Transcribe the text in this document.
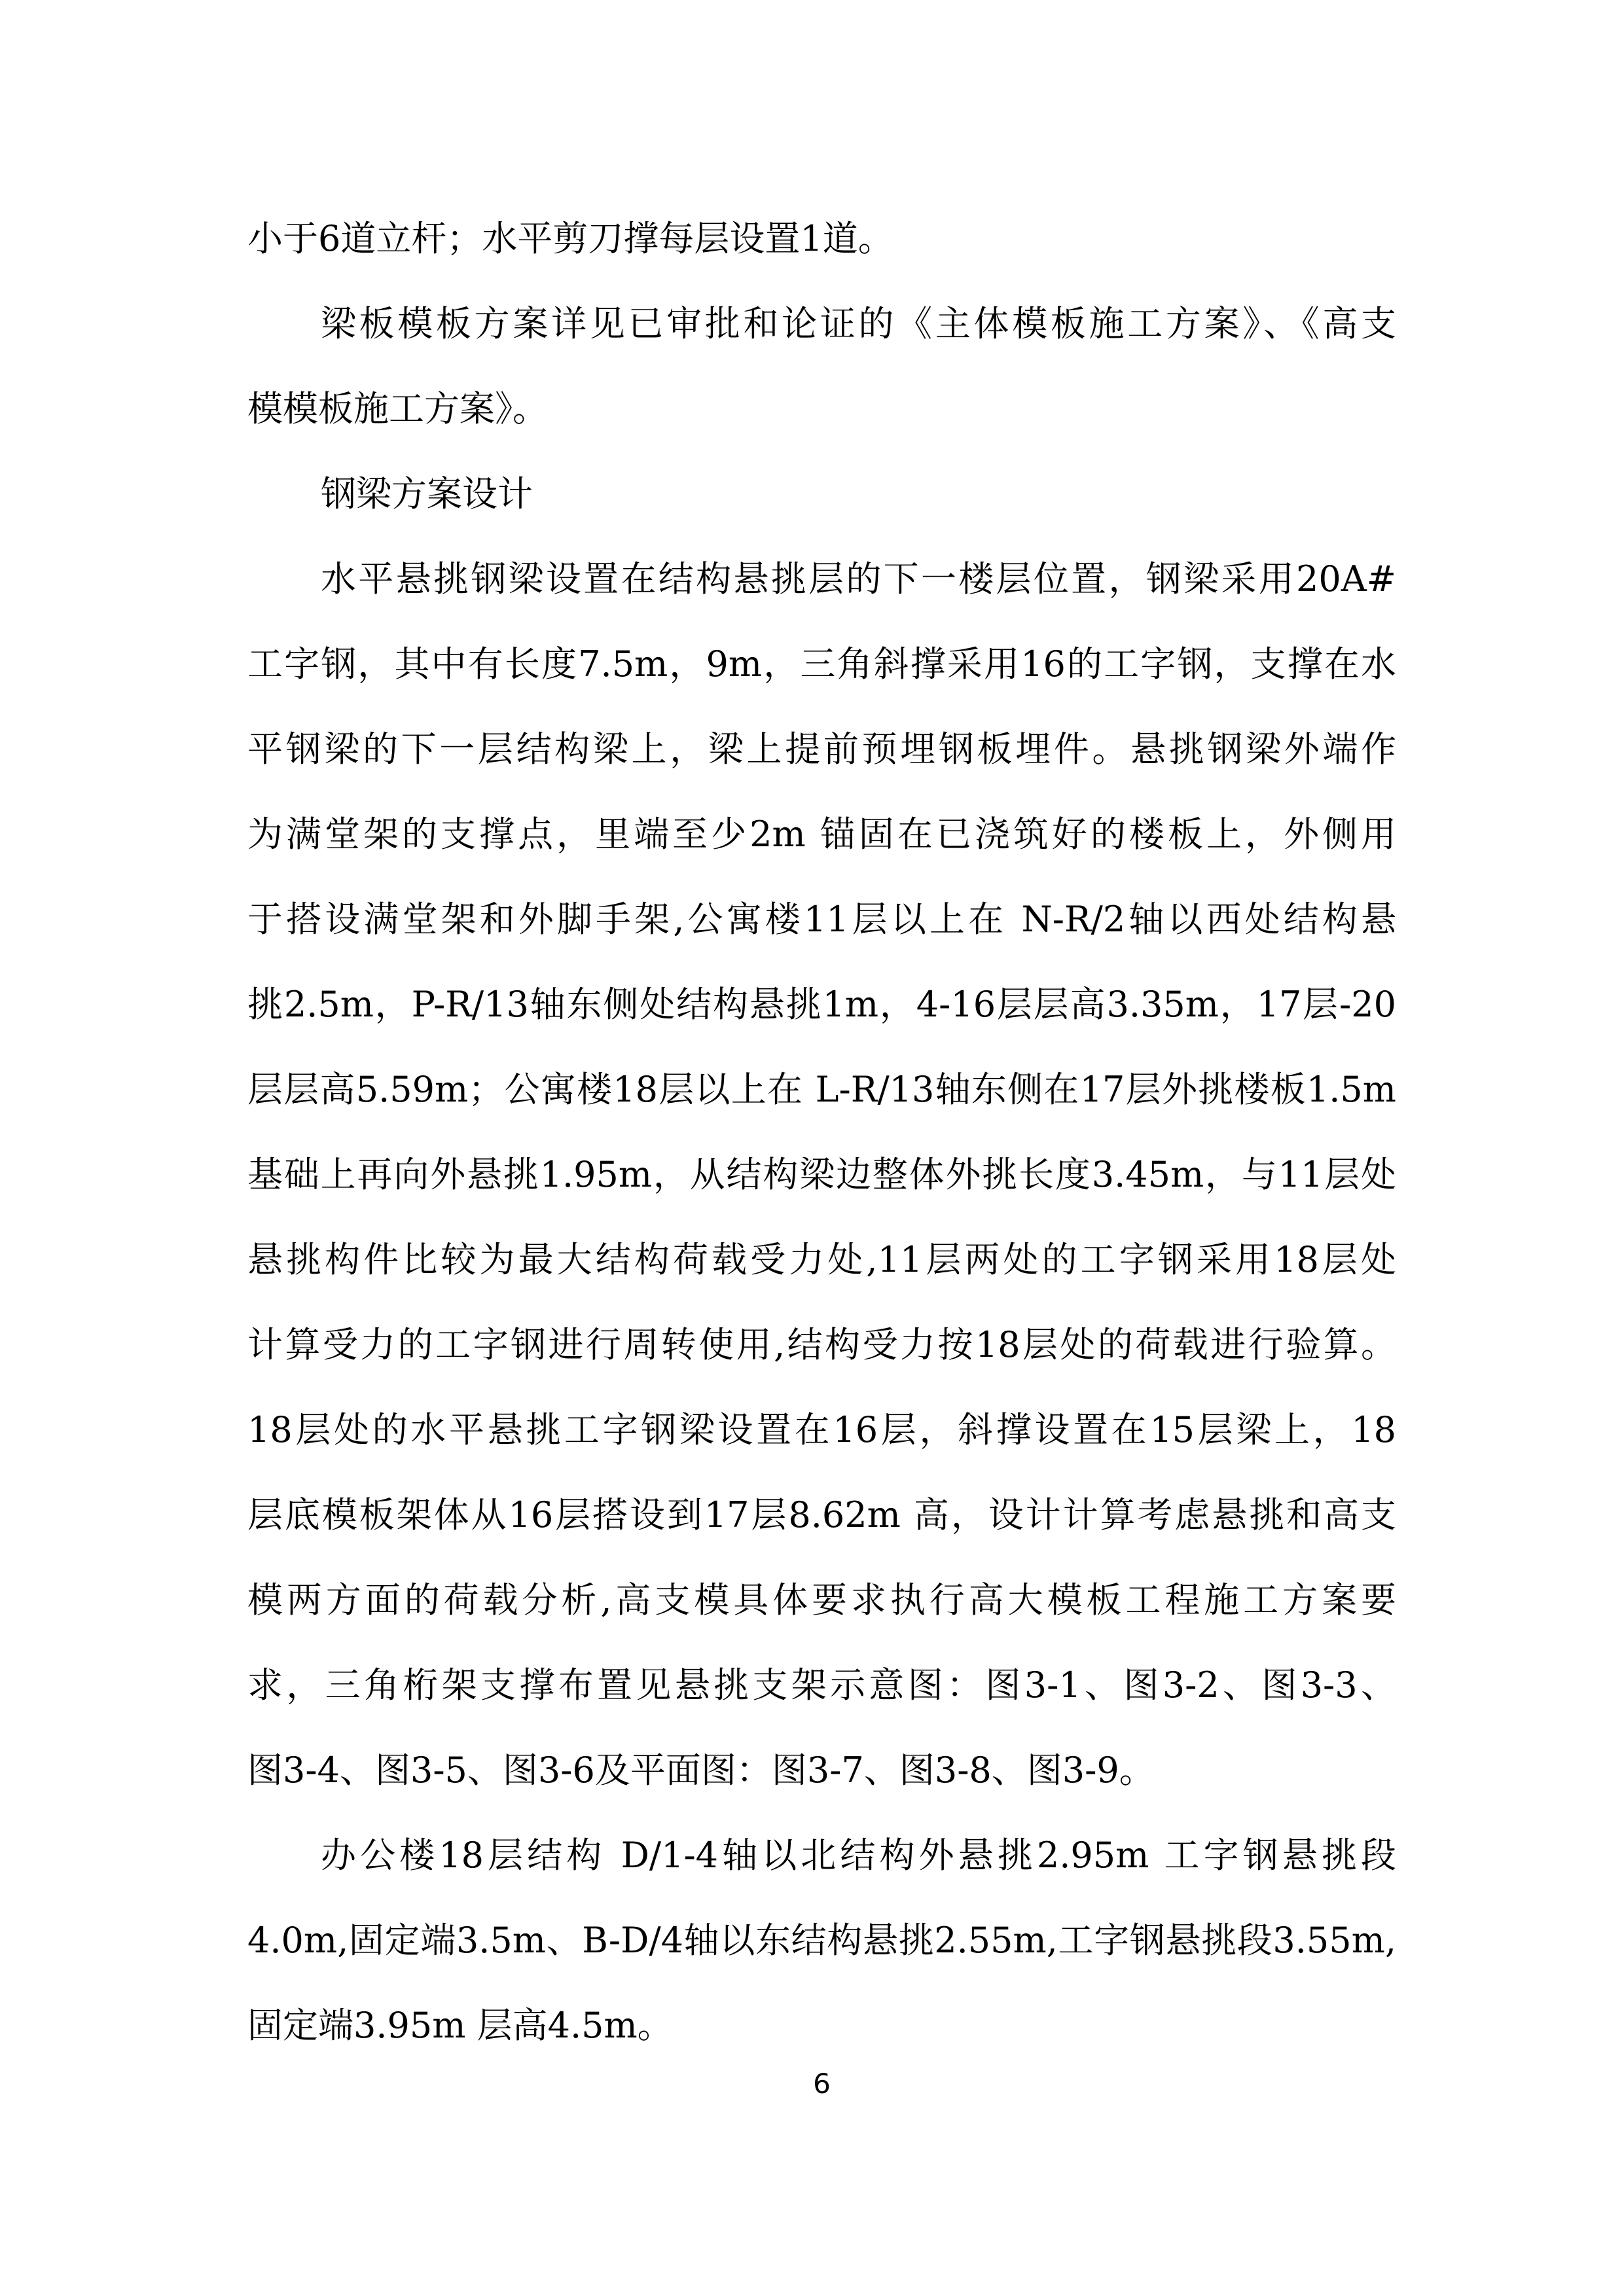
小于6道立杆；水平剪刀撑每层设置1道。
梁板模板方案详见已审批和论证的《主体模板施工方案》、《高支
模模板施工方案》。
钢梁方案设计
水平悬挑钢梁设置在结构悬挑层的下一楼层位置，钢梁采用20A#
工字钢，其中有长度7.5m，9m，三角斜撑采用16的工字钢，支撑在水
平钢梁的下一层结构梁上，梁上提前预埋钢板埋件。悬挑钢梁外端作
为满堂架的支撑点，里端至少2m 锚固在已浇筑好的楼板上，外侧用
于搭设满堂架和外脚手架,公寓楼11层以上在 N-R/2轴以西处结构悬
挑2.5m，P-R/13轴东侧处结构悬挑1m，4-16层层高3.35m，17层-20
层层高5.59m；公寓楼18层以上在 L-R/13轴东侧在17层外挑楼板1.5m
基础上再向外悬挑1.95m，从结构梁边整体外挑长度3.45m，与11层处
悬挑构件比较为最大结构荷载受力处,11层两处的工字钢采用18层处
计算受力的工字钢进行周转使用,结构受力按18层处的荷载进行验算。
18层处的水平悬挑工字钢梁设置在16层，斜撑设置在15层梁上，18
层底模板架体从16层搭设到17层8.62m 高，设计计算考虑悬挑和高支
模两方面的荷载分析,高支模具体要求执行高大模板工程施工方案要
求，三角桁架支撑布置见悬挑支架示意图：图3-1、图3-2、图3-3、
图3-4、图3-5、图3-6及平面图：图3-7、图3-8、图3-9。
办公楼18层结构 D/1-4轴以北结构外悬挑2.95m 工字钢悬挑段
4.0m,固定端3.5m、B-D/4轴以东结构悬挑2.55m,工字钢悬挑段3.55m,
固定端3.95m 层高4.5m。
6
